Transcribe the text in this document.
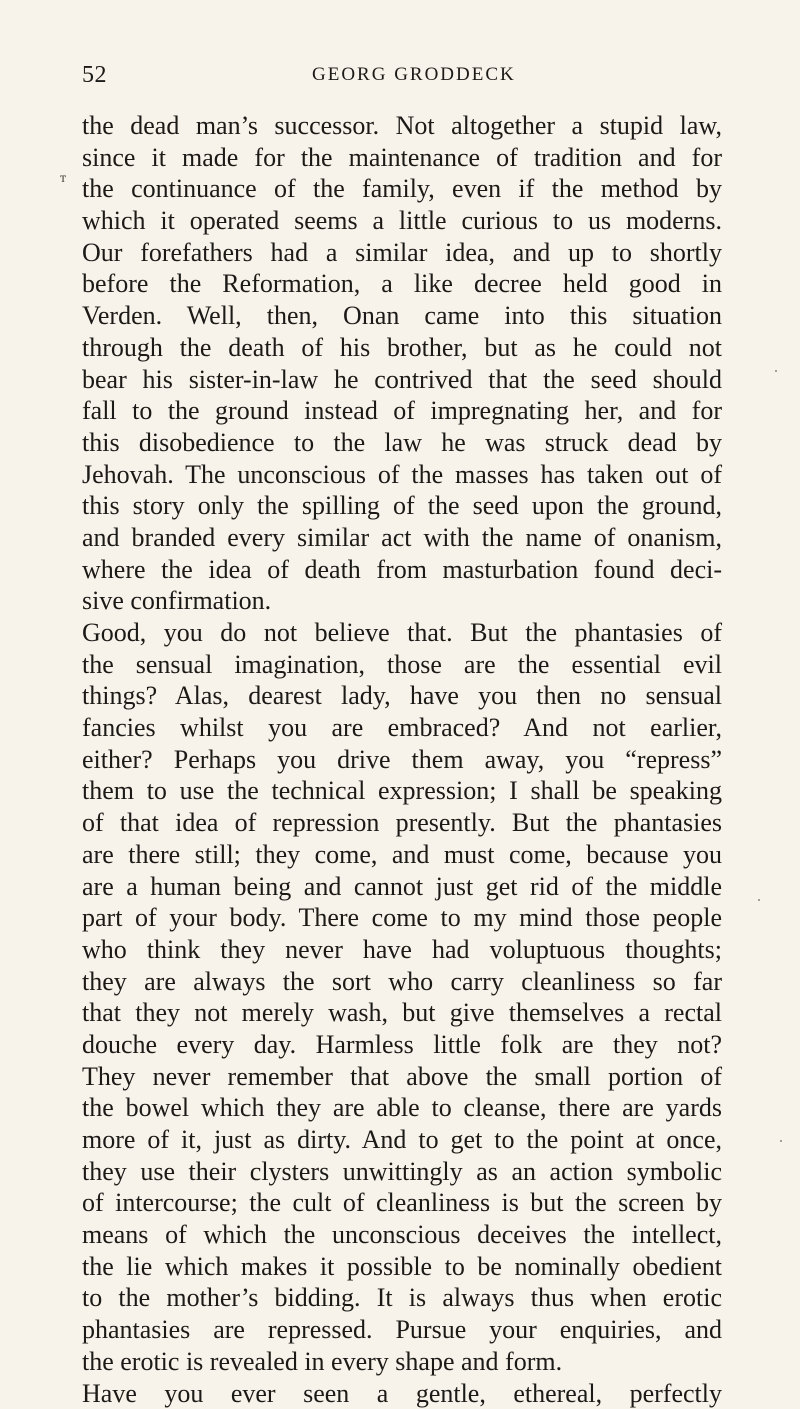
52	GEORG GRODDECK
ᴛ
the dead man’s successor. Not altogether a stupid law,
since it made for the maintenance of tradition and for
the continuance of the family, even if the method by
which it operated seems a little curious to us moderns.
Our forefathers had a similar idea, and up to shortly
before the Reformation, a like decree held good in
Verden. Well, then, Onan came into this situation
through the death of his brother, but as he could not
bear his sister-in-law he contrived that the seed should
fall to the ground instead of impregnating her, and for
this disobedience to the law he was struck dead by
Jehovah. The unconscious of the masses has taken out of
this story only the spilling of the seed upon the ground,
and branded every similar act with the name of onanism,
where the idea of death from masturbation found deci-
sive confirmation.
Good, you do not believe that. But the phantasies of
the sensual imagination, those are the essential evil
things? Alas, dearest lady, have you then no sensual
fancies whilst you are embraced? And not earlier,
either? Perhaps you drive them away, you “repress”
them to use the technical expression; I shall be speaking
of that idea of repression presently. But the phantasies
are there still; they come, and must come, because you
are a human being and cannot just get rid of the middle
part of your body. There come to my mind those people
who think they never have had voluptuous thoughts;
they are always the sort who carry cleanliness so far
that they not merely wash, but give themselves a rectal
douche every day. Harmless little folk are they not?
They never remember that above the small portion of
the bowel which they are able to cleanse, there are yards
more of it, just as dirty. And to get to the point at once,
they use their clysters unwittingly as an action symbolic
of intercourse; the cult of cleanliness is but the screen by
means of which the unconscious deceives the intellect,
the lie which makes it possible to be nominally obedient
to the mother’s bidding. It is always thus when erotic
phantasies are repressed. Pursue your enquiries, and
the erotic is revealed in every shape and form.
Have you ever seen a gentle, ethereal, perfectly
